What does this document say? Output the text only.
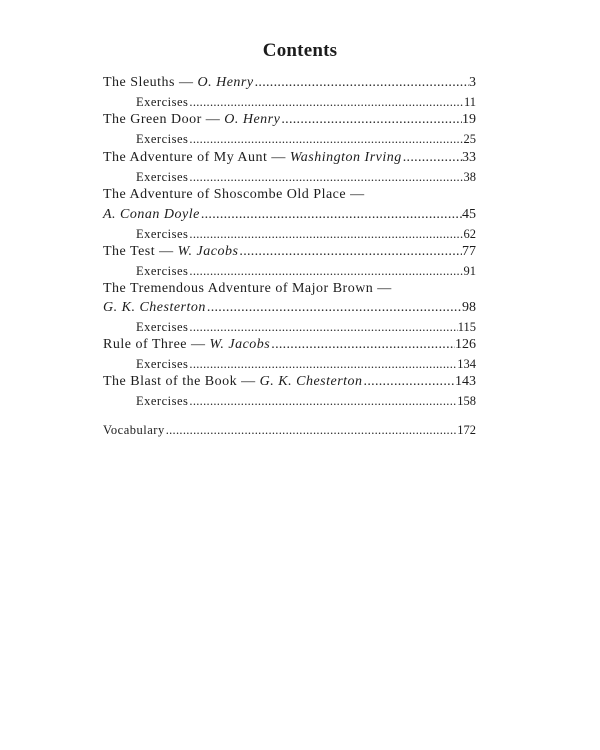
Contents
The Sleuths — O. Henry .....	3
Exercises .....	11
The Green Door — O. Henry .....	19
Exercises .....	25
The Adventure of My Aunt — Washington Irving .....	33
Exercises .....	38
The Adventure of Shoscombe Old Place —
A. Conan Doyle .....	45
Exercises .....	62
The Test — W. Jacobs .....	77
Exercises .....	91
The Tremendous Adventure of Major Brown —
G. K. Chesterton .....	98
Exercises .....	115
Rule of Three — W. Jacobs .....	126
Exercises .....	134
The Blast of the Book — G. K. Chesterton .....	143
Exercises .....	158
Vocabulary .....	172
